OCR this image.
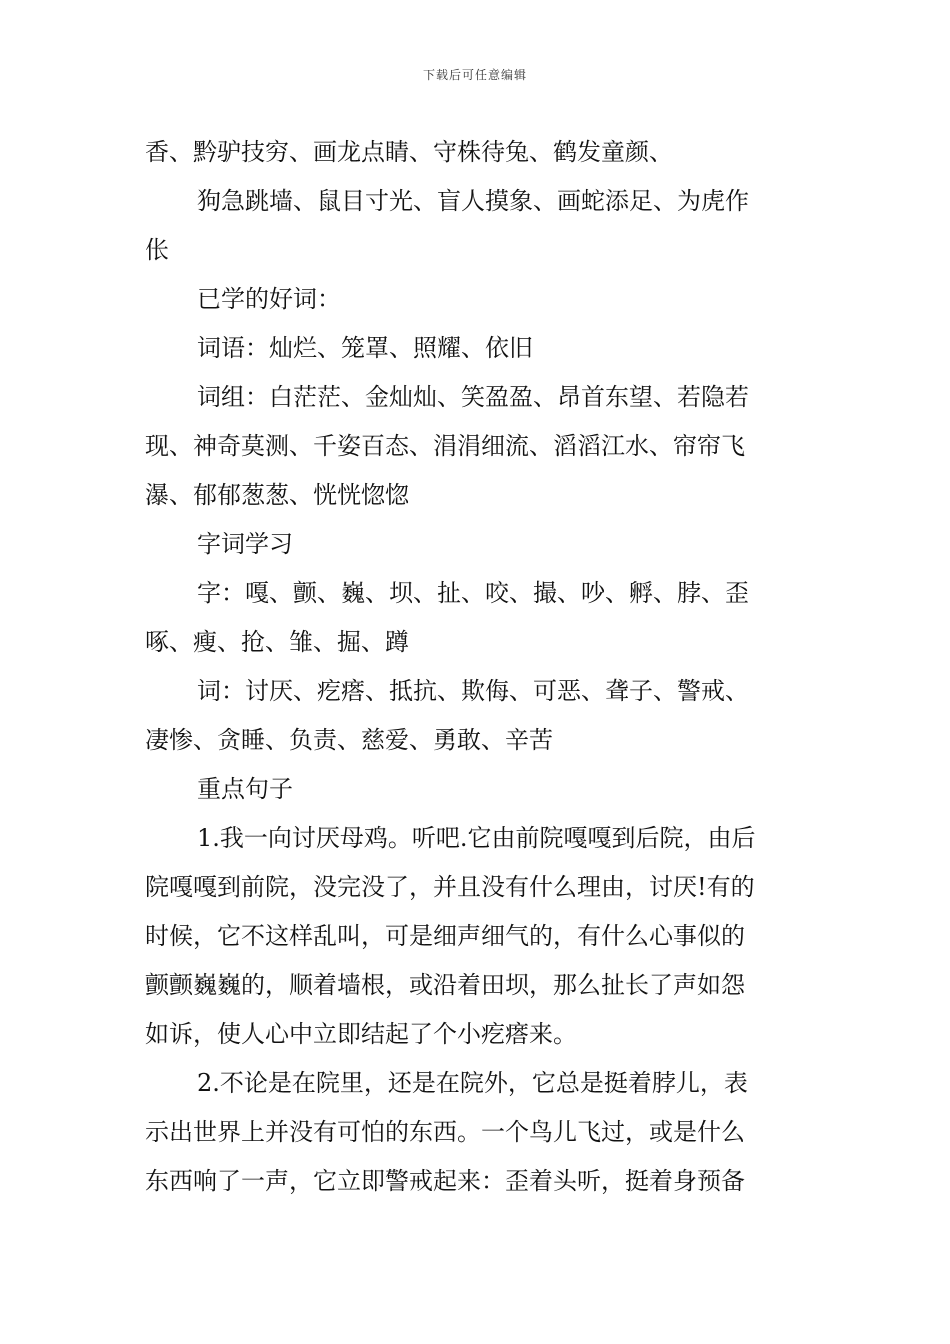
下载后可任意编辑
香、黔驴技穷、画龙点睛、守株待兔、鹤发童颜、
狗急跳墙、鼠目寸光、盲人摸象、画蛇添足、为虎作
伥
已学的好词：
词语：灿烂、笼罩、照耀、依旧
词组：白茫茫、金灿灿、笑盈盈、昂首东望、若隐若
现、神奇莫测、千姿百态、涓涓细流、滔滔江水、帘帘飞
瀑、郁郁葱葱、恍恍惚惚
字词学习
字：嘎、颤、巍、坝、扯、咬、撮、吵、孵、脖、歪
啄、瘦、抢、雏、掘、蹲
词：讨厌、疙瘩、抵抗、欺侮、可恶、聋子、警戒、
凄惨、贪睡、负责、慈爱、勇敢、辛苦
重点句子
1.我一向讨厌母鸡。听吧.它由前院嘎嘎到后院，由后
院嘎嘎到前院，没完没了，并且没有什么理由，讨厌!有的
时候，它不这样乱叫，可是细声细气的，有什么心事似的
颤颤巍巍的，顺着墙根，或沿着田坝，那么扯长了声如怨
如诉，使人心中立即结起了个小疙瘩来。
2.不论是在院里，还是在院外，它总是挺着脖儿，表
示出世界上并没有可怕的东西。一个鸟儿飞过，或是什么
东西响了一声，它立即警戒起来：歪着头听，挺着身预备
